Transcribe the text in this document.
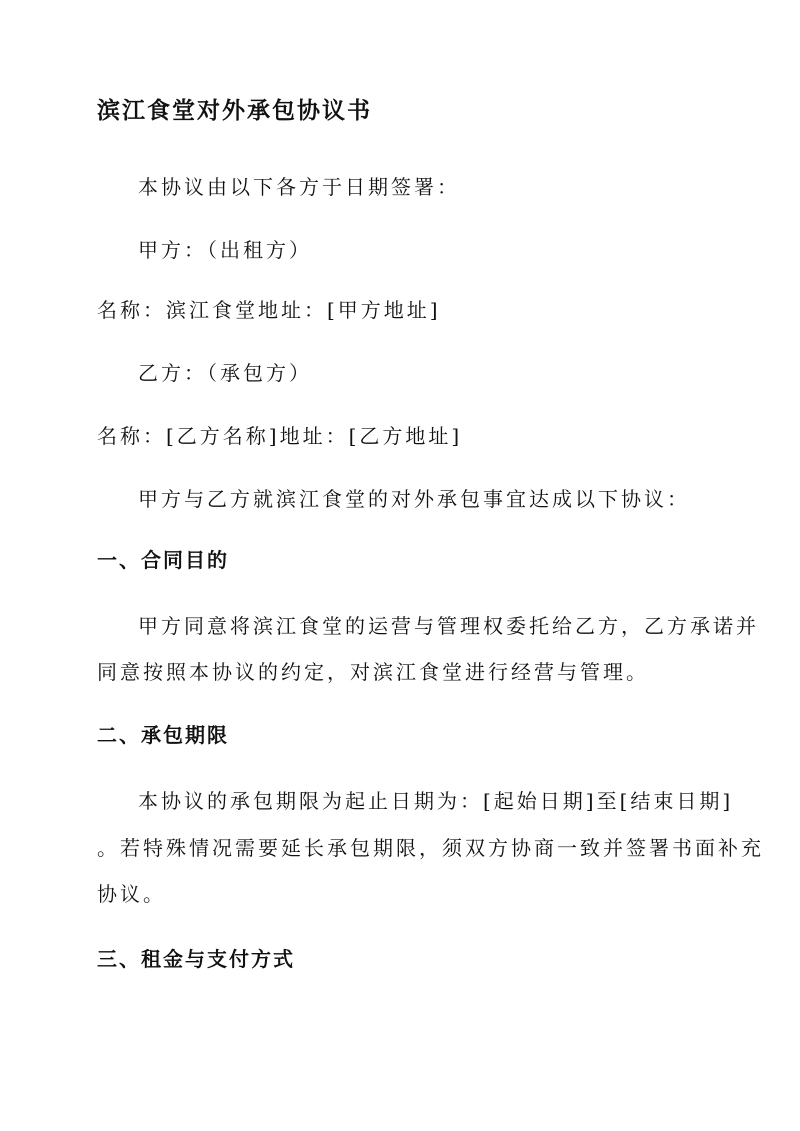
滨江食堂对外承包协议书

本协议由以下各方于日期签署：

甲方：（出租方）

名称：滨江食堂地址：[甲方地址]

乙方：（承包方）

名称：[乙方名称]地址：[乙方地址]

甲方与乙方就滨江食堂的对外承包事宜达成以下协议：

一、合同目的

甲方同意将滨江食堂的运营与管理权委托给乙方，乙方承诺并

同意按照本协议的约定，对滨江食堂进行经营与管理。

二、承包期限

本协议的承包期限为起止日期为：[起始日期]至[结束日期]

。若特殊情况需要延长承包期限，须双方协商一致并签署书面补充

协议。

三、租金与支付方式
